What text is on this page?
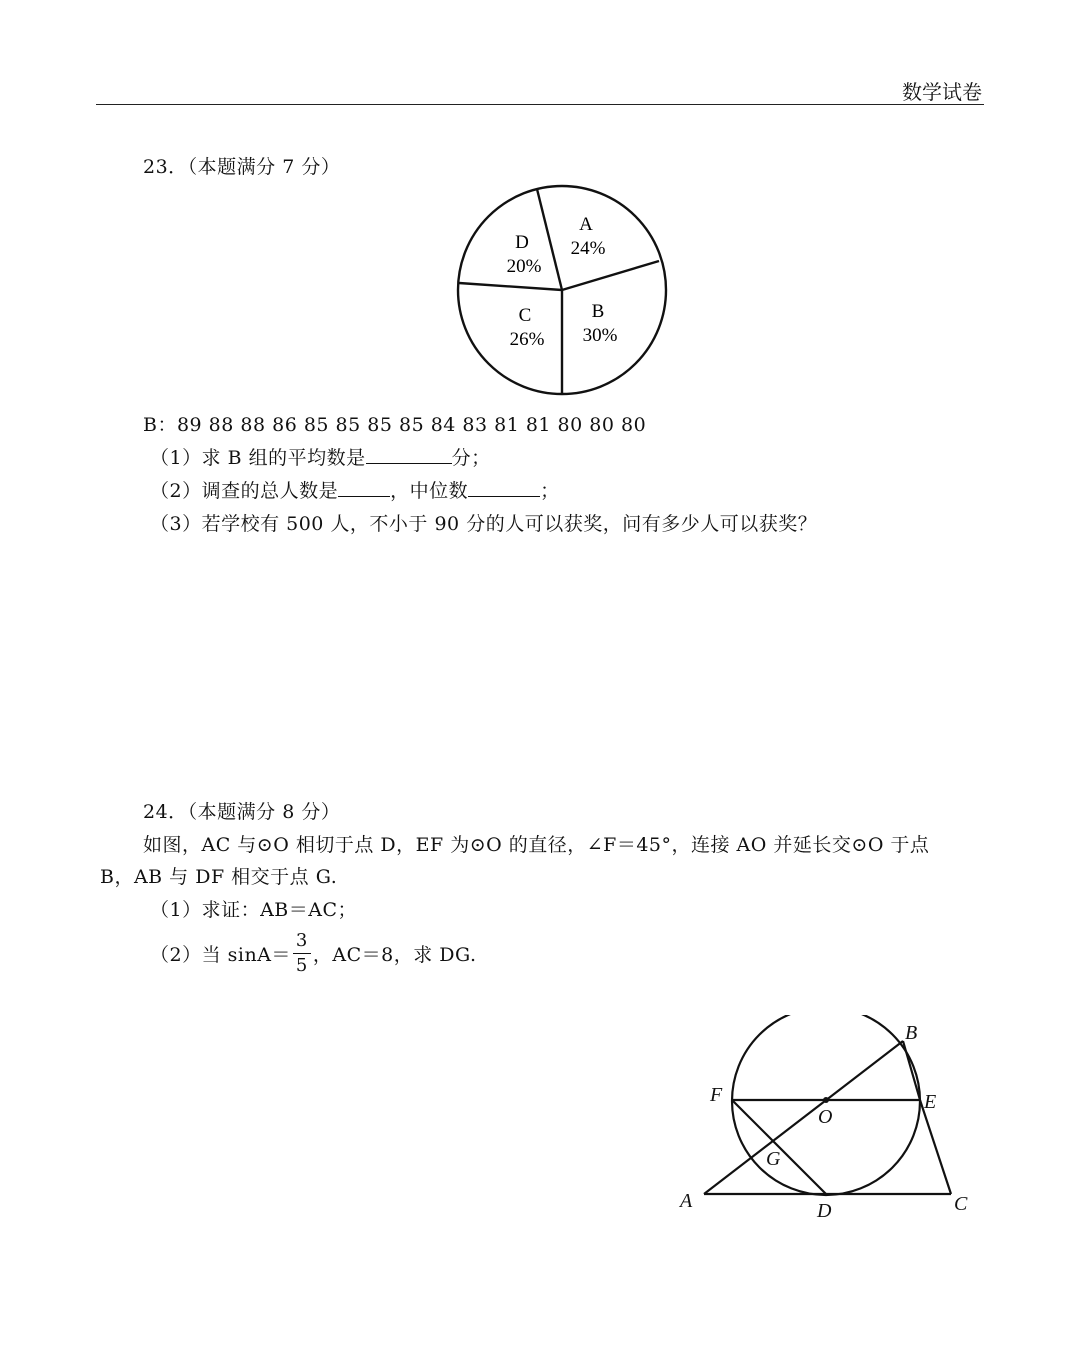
数学试卷
23．（本题满分 7 分）
A
24%
B
30%
C
26%
D
20%
B：89 88 88 86 85 85 85 85 84 83 81 81 80 80 80
（1）求 B 组的平均数是	分；
（2）调查的总人数是	，中位数	；
（3）若学校有 500 人，不小于 90 分的人可以获奖，问有多少人可以获奖？
24．（本题满分 8 分）
如图，AC 与⊙O 相切于点 D，EF 为⊙O 的直径，∠F＝45°，连接 AO 并延长交⊙O 于点
B，AB 与 DF 相交于点 G.
（1）求证：AB＝AC；
（2）当 $\sin A= \frac{3}{5}$ ，AC＝8，求 DG.
A
B
C
D
E
F
G
O
